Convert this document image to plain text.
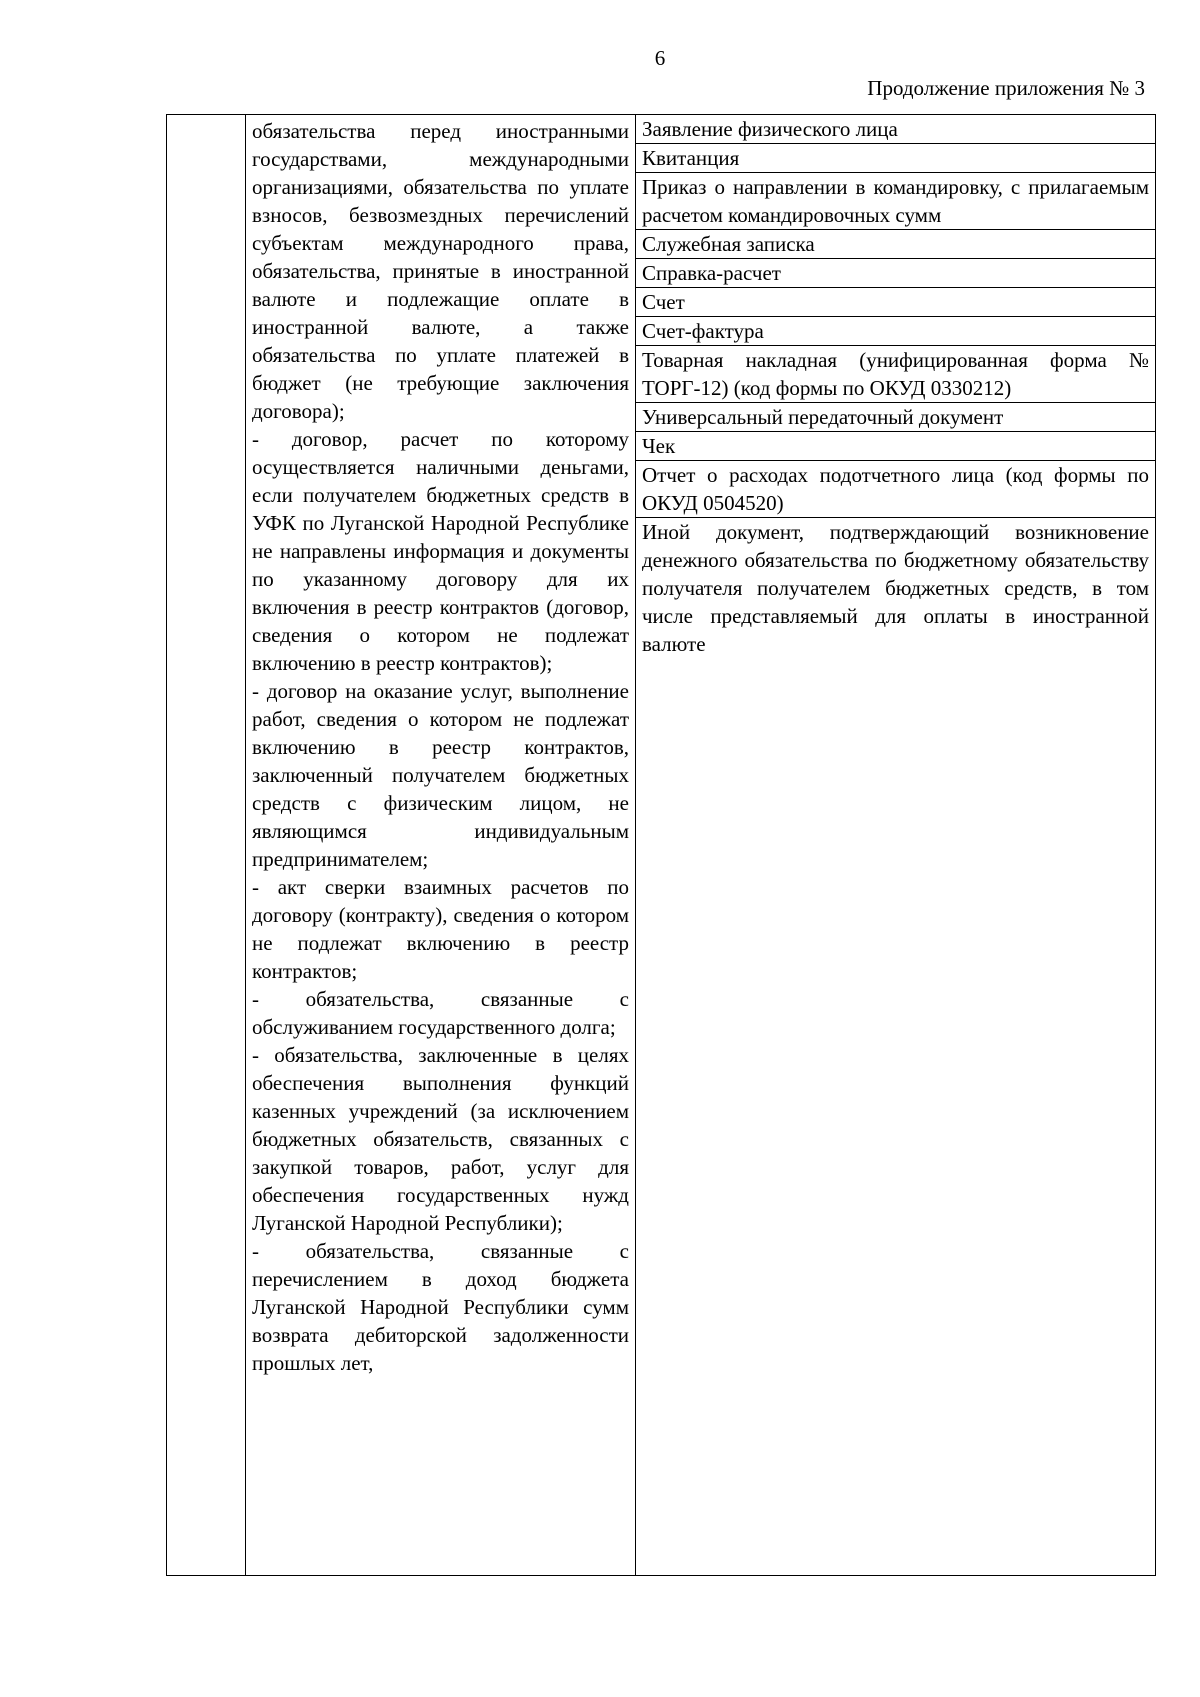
6
Продолжение приложения № 3

обязательства перед иностранными государствами, международными организациями, обязательства по уплате взносов, безвозмездных перечислений субъектам международного права, обязательства, принятые в иностранной валюте и подлежащие оплате в иностранной валюте, а также обязательства по уплате платежей в бюджет (не требующие заключения договора);

- договор, расчет по которому осуществляется наличными деньгами, если получателем бюджетных средств в УФК по Луганской Народной Республике не направлены информация и документы по указанному договору для их включения в реестр контрактов (договор, сведения о котором не подлежат включению в реестр контрактов);

- договор на оказание услуг, выполнение работ, сведения о котором не подлежат включению в реестр контрактов, заключенный получателем бюджетных средств с физическим лицом, не являющимся индивидуальным предпринимателем;

- акт сверки взаимных расчетов по договору (контракту), сведения о котором не подлежат включению в реестр контрактов;

- обязательства, связанные с обслуживанием государственного долга;

- обязательства, заключенные в целях обеспечения выполнения функций казенных учреждений (за исключением бюджетных обязательств, связанных с закупкой товаров, работ, услуг для обеспечения государственных нужд Луганской Народной Республики);

- обязательства, связанные с перечислением в доход бюджета Луганской Народной Республики сумм возврата дебиторской задолженности прошлых лет,

Заявление физического лица
Квитанция
Приказ о направлении в командировку, с прилагаемым расчетом командировочных сумм
Служебная записка
Справка-расчет
Счет
Счет-фактура
Товарная накладная (унифицированная форма № ТОРГ-12) (код формы по ОКУД 0330212)
Универсальный передаточный документ
Чек
Отчет о расходах подотчетного лица (код формы по ОКУД 0504520)
Иной документ, подтверждающий возникновение денежного обязательства по бюджетному обязательству получателя получателем бюджетных средств, в том числе представляемый для оплаты в иностранной валюте
